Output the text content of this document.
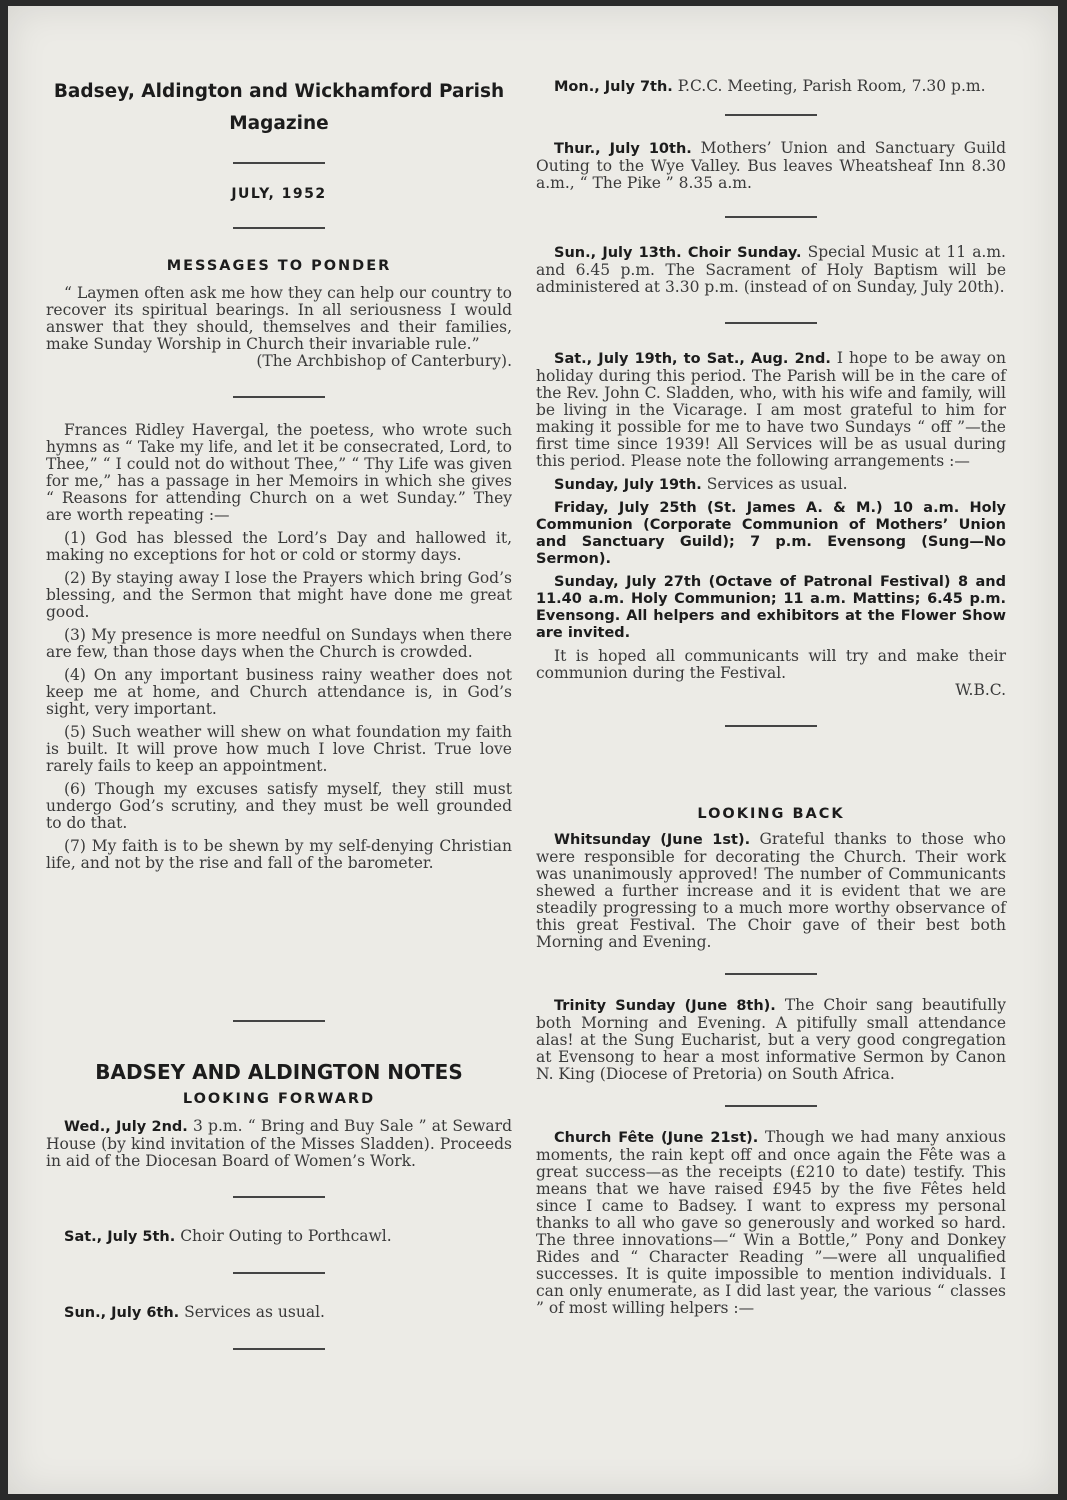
Badsey, Aldington and Wickhamford Parish
Magazine
JULY, 1952
MESSAGES TO PONDER

“ Laymen often ask me how they can help our country to recover its spiritual bearings. In all seriousness I would answer that they should, themselves and their families, make Sunday Worship in Church their invariable rule.”

(The Archbishop of Canterbury).

Frances Ridley Havergal, the poetess, who wrote such hymns as “ Take my life, and let it be consecrated, Lord, to Thee,” “ I could not do without Thee,” “ Thy Life was given for me,” has a passage in her Memoirs in which she gives “ Reasons for attending Church on a wet Sunday.” They are worth repeating :—

(1) God has blessed the Lord’s Day and hallowed it, making no exceptions for hot or cold or stormy days.

(2) By staying away I lose the Prayers which bring God’s blessing, and the Sermon that might have done me great good.

(3) My presence is more needful on Sundays when there are few, than those days when the Church is crowded.

(4) On any important business rainy weather does not keep me at home, and Church attendance is, in God’s sight, very important.

(5) Such weather will shew on what foundation my faith is built. It will prove how much I love Christ. True love rarely fails to keep an appointment.

(6) Though my excuses satisfy myself, they still must undergo God’s scrutiny, and they must be well grounded to do that.

(7) My faith is to be shewn by my self-denying Christian life, and not by the rise and fall of the barometer.

BADSEY AND ALDINGTON NOTES
LOOKING FORWARD

Wed., July 2nd. 3 p.m. “ Bring and Buy Sale ” at Seward House (by kind invitation of the Misses Sladden). Proceeds in aid of the Diocesan Board of Women’s Work.

Sat., July 5th. Choir Outing to Porthcawl.

Sun., July 6th. Services as usual.

Mon., July 7th. P.C.C. Meeting, Parish Room, 7.30 p.m.

Thur., July 10th. Mothers’ Union and Sanctuary Guild Outing to the Wye Valley. Bus leaves Wheatsheaf Inn 8.30 a.m., “ The Pike ” 8.35 a.m.

Sun., July 13th. Choir Sunday. Special Music at 11 a.m. and 6.45 p.m. The Sacrament of Holy Baptism will be administered at 3.30 p.m. (instead of on Sunday, July 20th).

Sat., July 19th, to Sat., Aug. 2nd. I hope to be away on holiday during this period. The Parish will be in the care of the Rev. John C. Sladden, who, with his wife and family, will be living in the Vicarage. I am most grateful to him for making it possible for me to have two Sundays “ off ”—the first time since 1939! All Services will be as usual during this period. Please note the following arrangements :—

Sunday, July 19th. Services as usual.

Friday, July 25th (St. James A. & M.) 10 a.m. Holy Communion (Corporate Communion of Mothers’ Union and Sanctuary Guild); 7 p.m. Evensong (Sung—No Sermon).

Sunday, July 27th (Octave of Patronal Festival) 8 and 11.40 a.m. Holy Communion; 11 a.m. Mattins; 6.45 p.m. Evensong. All helpers and exhibitors at the Flower Show are invited.

It is hoped all communicants will try and make their communion during the Festival.

W.B.C.

LOOKING BACK

Whitsunday (June 1st). Grateful thanks to those who were responsible for decorating the Church. Their work was unanimously approved! The number of Communicants shewed a further increase and it is evident that we are steadily progressing to a much more worthy observance of this great Festival. The Choir gave of their best both Morning and Evening.

Trinity Sunday (June 8th). The Choir sang beautifully both Morning and Evening. A pitifully small attendance alas! at the Sung Eucharist, but a very good congregation at Evensong to hear a most informative Sermon by Canon N. King (Diocese of Pretoria) on South Africa.

Church Fête (June 21st). Though we had many anxious moments, the rain kept off and once again the Fête was a great success—as the receipts (£210 to date) testify. This means that we have raised £945 by the five Fêtes held since I came to Badsey. I want to express my personal thanks to all who gave so generously and worked so hard. The three innovations—“ Win a Bottle,” Pony and Donkey Rides and “ Character Reading ”—were all unqualified successes. It is quite impossible to mention individuals. I can only enumerate, as I did last year, the various “ classes ” of most willing helpers :—
